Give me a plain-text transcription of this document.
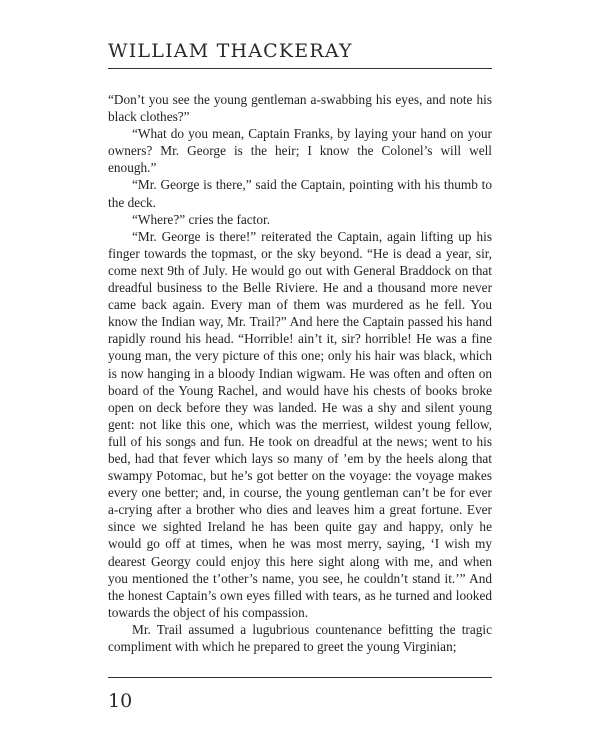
WILLIAM THACKERAY

“Don’t you see the young gentleman a-swabbing his eyes, and note his black clothes?”

“What do you mean, Captain Franks, by laying your hand on your owners? Mr. George is the heir; I know the Colonel’s will well enough.”

“Mr. George is there,” said the Captain, pointing with his thumb to the deck.

“Where?” cries the factor.

“Mr. George is there!” reiterated the Captain, again lifting up his finger towards the topmast, or the sky beyond. “He is dead a year, sir, come next 9th of July. He would go out with General Braddock on that dreadful business to the Belle Riviere. He and a thousand more never came back again. Every man of them was murdered as he fell. You know the Indian way, Mr. Trail?” And here the Captain passed his hand rapidly round his head. “Horrible! ain’t it, sir? horrible! He was a fine young man, the very picture of this one; only his hair was black, which is now hanging in a bloody Indian wigwam. He was often and often on board of the Young Rachel, and would have his chests of books broke open on deck before they was landed. He was a shy and silent young gent: not like this one, which was the merriest, wildest young fellow, full of his songs and fun. He took on dreadful at the news; went to his bed, had that fever which lays so many of ’em by the heels along that swampy Potomac, but he’s got better on the voyage: the voyage makes every one better; and, in course, the young gentleman can’t be for ever a-crying after a brother who dies and leaves him a great fortune. Ever since we sighted Ireland he has been quite gay and happy, only he would go off at times, when he was most merry, saying, ‘I wish my dearest Georgy could enjoy this here sight along with me, and when you mentioned the t’other’s name, you see, he couldn’t stand it.’” And the honest Captain’s own eyes filled with tears, as he turned and looked towards the object of his compassion.

Mr. Trail assumed a lugubrious countenance befitting the tragic compliment with which he prepared to greet the young Virginian;

10
